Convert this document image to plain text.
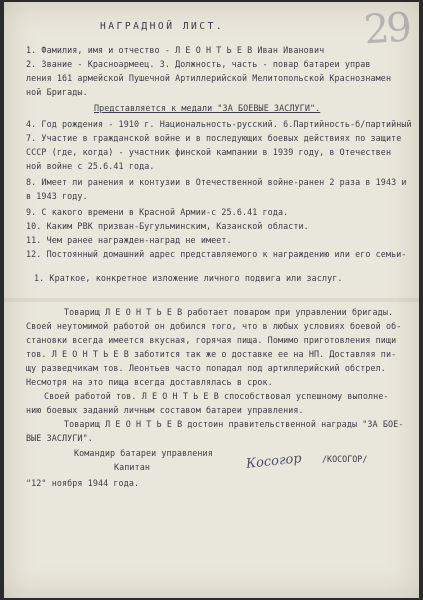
29
НАГРАДНОЙ ЛИСТ.
1. Фамилия, имя и отчество - Л Е О Н Т Ь Е В Иван Иванович
2. Звание - Красноармеец. 3. Должность, часть - повар батареи управ
ления 161 армейской Пушечной Артиллерийской Мелитопольской Краснознамен
ной Бригады.
Представляется к медали "ЗА БОЕВЫЕ ЗАСЛУГИ".
4. Год рождения - 1910 г. Национальность-русский. 6.Партийность-б/партийный
7. Участие в гражданской войне и в последующих боевых действиях по защите
СССР (где, когда) - участник финской кампании в 1939 году, в Отечествен
ной войне с 25.6.41 года.
8. Имеет ли ранения и контузии в Отечественной войне-ранен 2 раза в 1943 и
в 1943 году.
9. С какого времени в Красной Армии-с 25.6.41 года.
10. Каким РВК призван-Бугульминским, Казанской области.
11. Чем ранее награжден-наград не имеет.
12. Постоянный домашний адрес представляемого к награждению или его семьи-
1. Краткое, конкретное изложение личного подвига или заслуг.
Товарищ Л Е О Н Т Ь Е В работает поваром при управлении бригады.
Своей неутомимой работой он добился того, что в любых условиях боевой об-
становки всегда имеется вкусная, горячая пища. Помимо приготовления пищи
тов. Л Е О Н Т Ь Е В заботится так же о доставке ее на НП. Доставляя пи-
щу разведчикам тов. Леонтьев часто попадал под артиллерийский обстрел.
Несмотря на это пища всегда доставлялась в срок.
Своей работой тов. Л Е О Н Т Ь Е В способствовал успешному выполне-
нию боевых заданий личным составом батареи управления.
Товарищ Л Е О Н Т Ь Е В достоин правительственной награды "ЗА БОЕ-
ВЫЕ ЗАСЛУГИ".
Командир батареи управления
Капитан	Косогор /КОСОГОР/
"12" ноября 1944 года.
